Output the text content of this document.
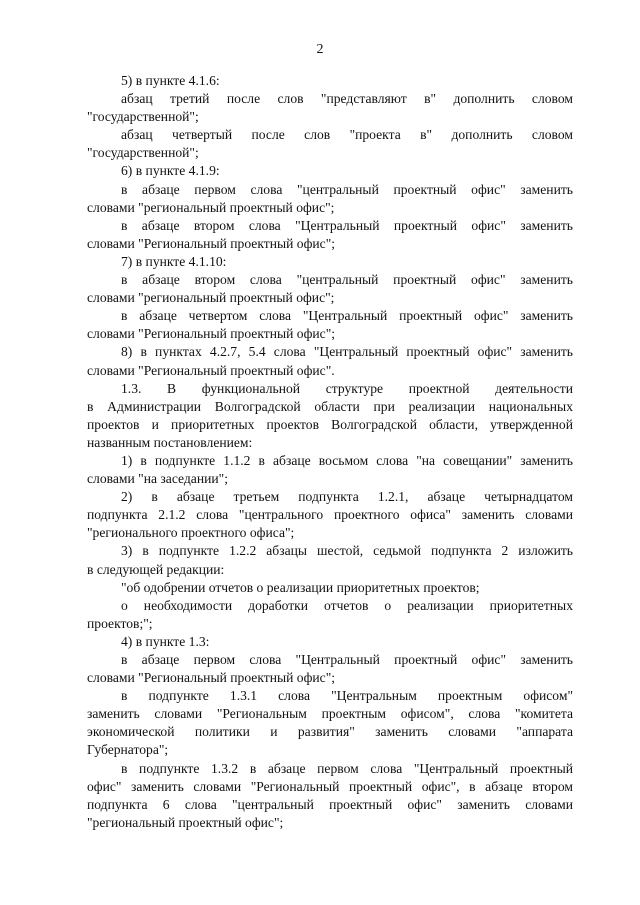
2
5) в пункте 4.1.6:
абзац третий после слов "представляют в" дополнить словом
"государственной";
абзац четвертый после слов "проекта в" дополнить словом
"государственной";
6) в пункте 4.1.9:
в абзаце первом слова "центральный проектный офис" заменить
словами "региональный проектный офис";
в абзаце втором слова "Центральный проектный офис" заменить
словами "Региональный проектный офис";
7) в пункте 4.1.10:
в абзаце втором слова "центральный проектный офис" заменить
словами "региональный проектный офис";
в абзаце четвертом слова "Центральный проектный офис" заменить
словами "Региональный проектный офис";
8) в пунктах 4.2.7, 5.4 слова "Центральный проектный офис" заменить
словами "Региональный проектный офис".
1.3. В функциональной структуре проектной деятельности
в Администрации Волгоградской области при реализации национальных
проектов и приоритетных проектов Волгоградской области, утвержденной
названным постановлением:
1) в подпункте 1.1.2 в абзаце восьмом слова "на совещании" заменить
словами "на заседании";
2) в абзаце третьем подпункта 1.2.1, абзаце четырнадцатом
подпункта 2.1.2 слова "центрального проектного офиса" заменить словами
"регионального проектного офиса";
3) в подпункте 1.2.2 абзацы шестой, седьмой подпункта 2 изложить
в следующей редакции:
"об одобрении отчетов о реализации приоритетных проектов;
о необходимости доработки отчетов о реализации приоритетных
проектов;";
4) в пункте 1.3:
в абзаце первом слова "Центральный проектный офис" заменить
словами "Региональный проектный офис";
в подпункте 1.3.1 слова "Центральным проектным офисом"
заменить словами "Региональным проектным офисом", слова "комитета
экономической политики и развития" заменить словами "аппарата
Губернатора";
в подпункте 1.3.2 в абзаце первом слова "Центральный проектный
офис" заменить словами "Региональный проектный офис", в абзаце втором
подпункта 6 слова "центральный проектный офис" заменить словами
"региональный проектный офис";
